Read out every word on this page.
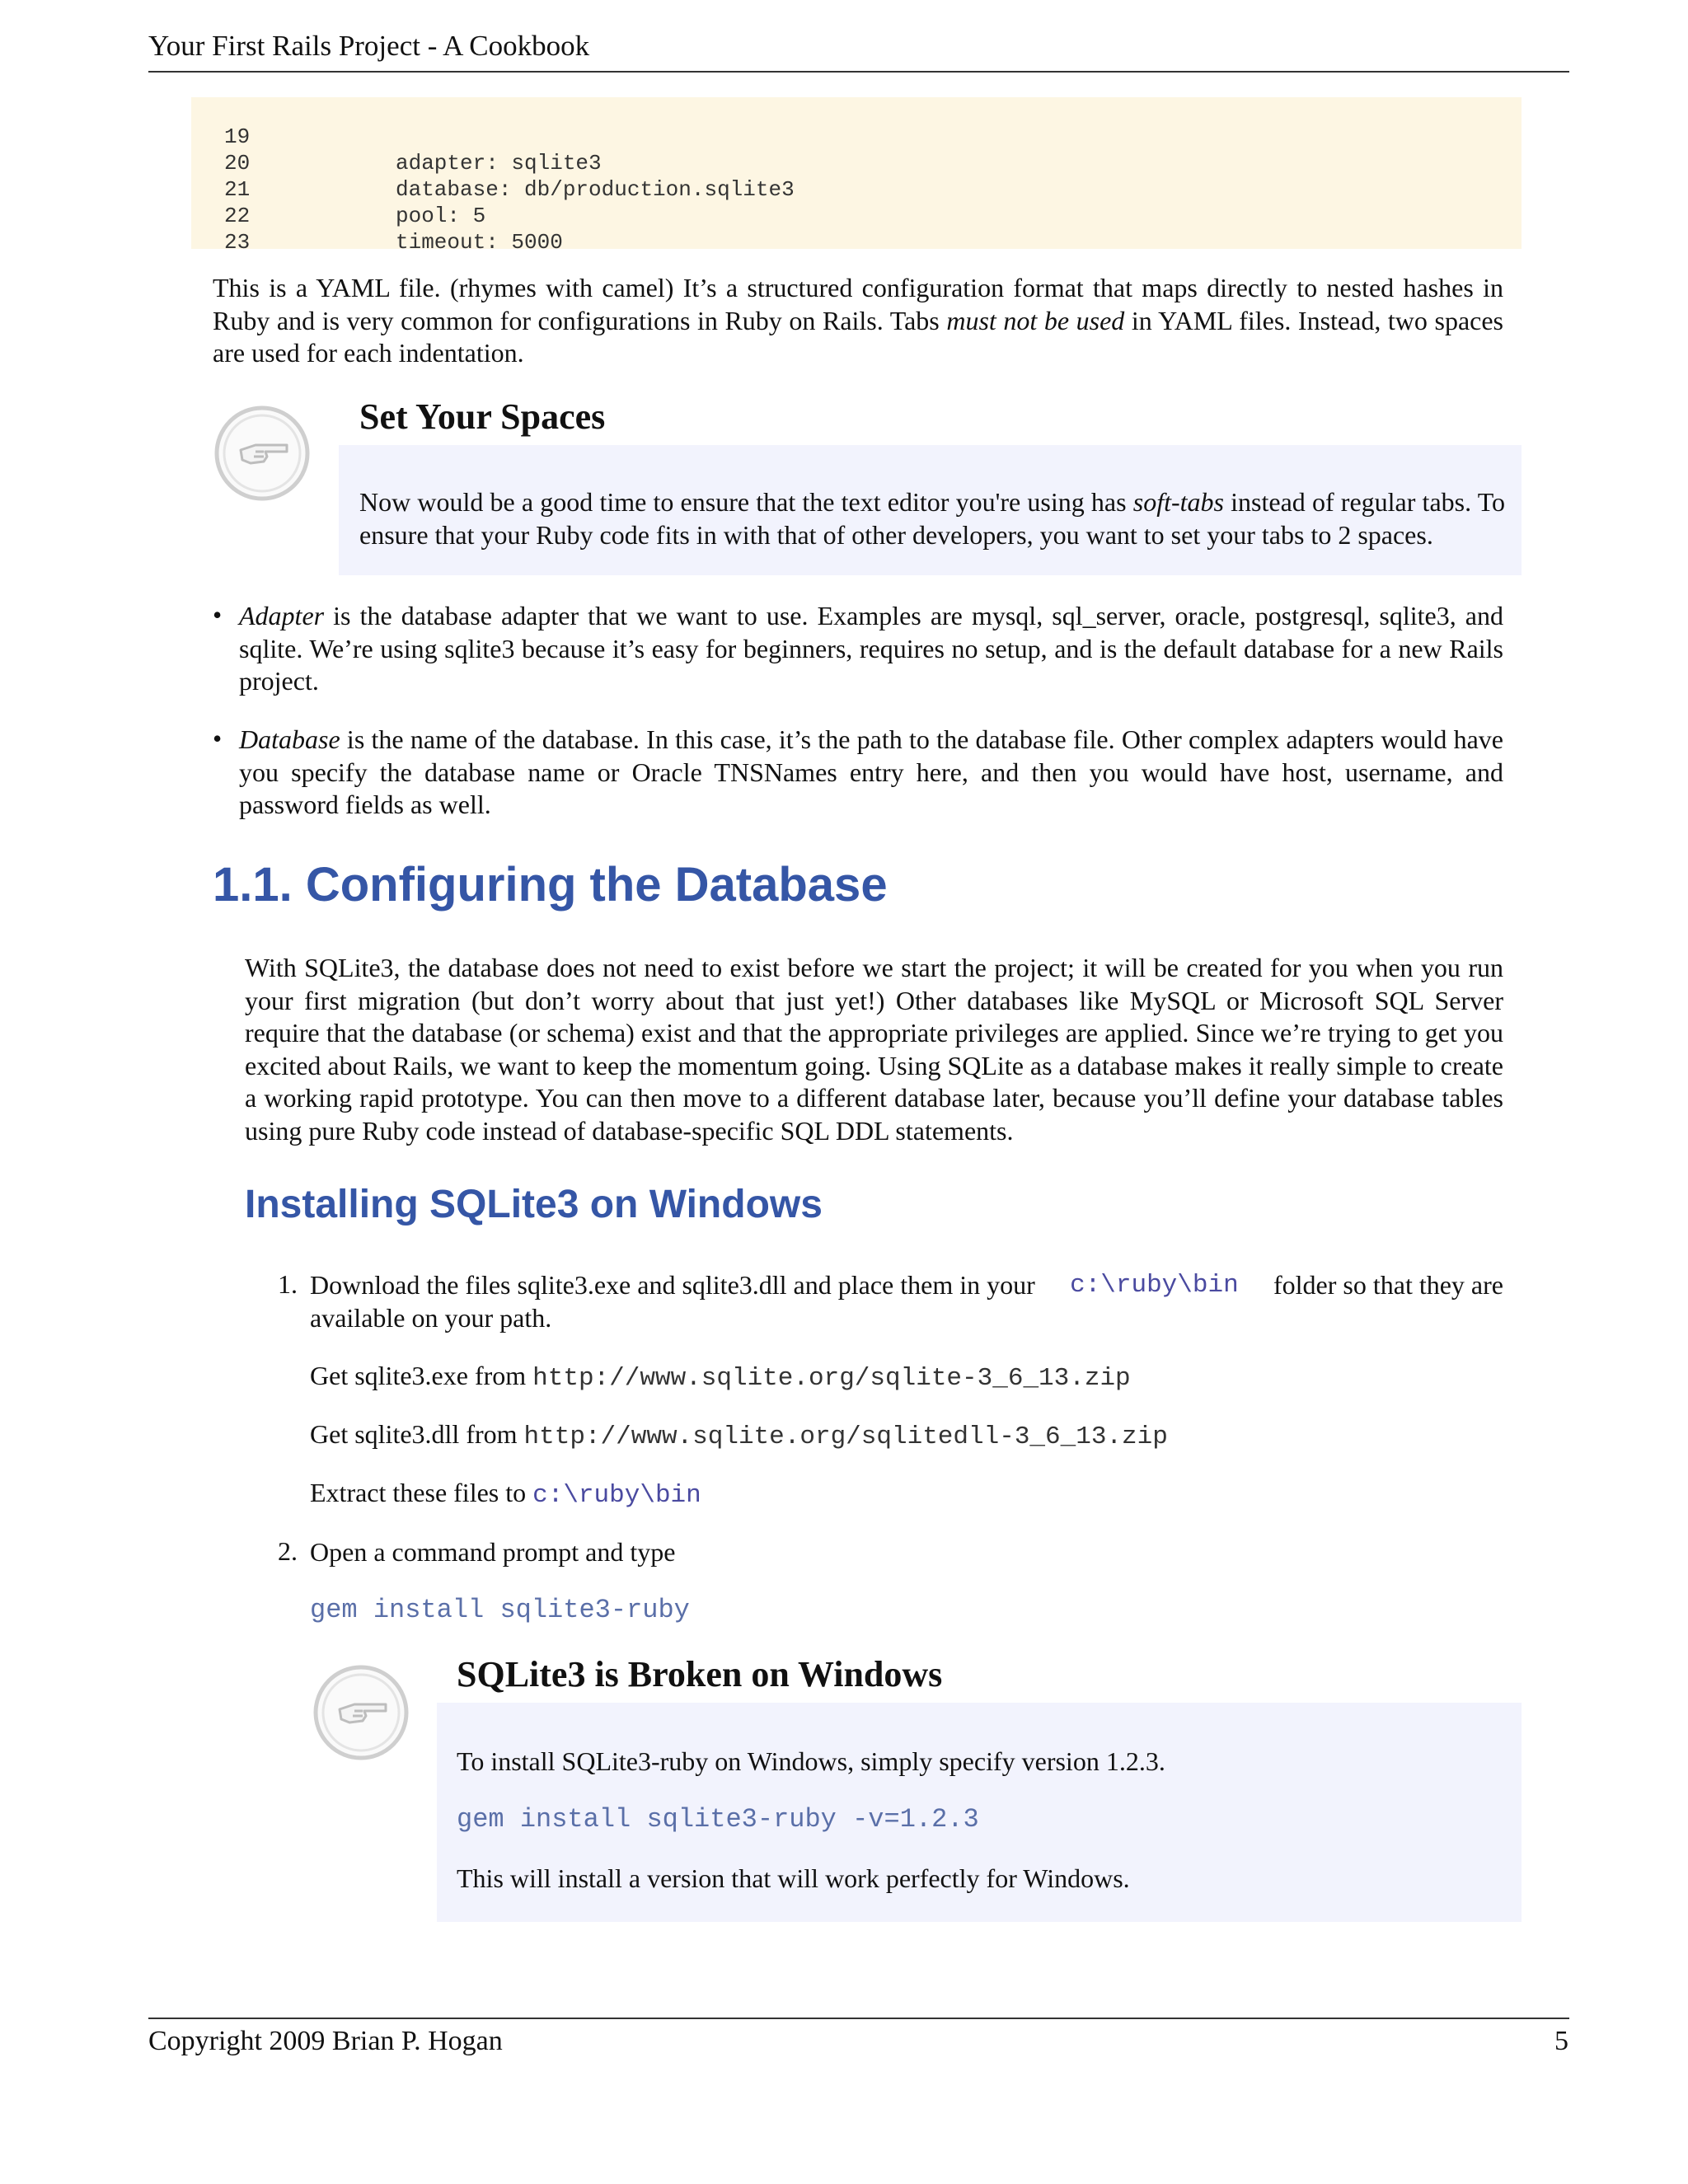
Your First Rails Project - A Cookbook

19

adapter: sqlite3

20

database: db/production.sqlite3

21

pool: 5

22

timeout: 5000

23

This is a YAML file. (rhymes with camel) It’s a structured configuration format that maps directly to nested hashes in Ruby and is very common for configurations in Ruby on Rails. Tabs must not be used in YAML files. Instead, two spaces are used for each indentation.
Set Your Spaces
Now would be a good time to ensure that the text editor you're using has soft-tabs instead of regular tabs. To ensure that your Ruby code fits in with that of other developers, you want to set your tabs to 2 spaces.
• Adapter is the database adapter that we want to use. Examples are mysql, sql_server, oracle, postgresql, sqlite3, and sqlite. We’re using sqlite3 because it’s easy for beginners, requires no setup, and is the default database for a new Rails project.
• Database is the name of the database. In this case, it’s the path to the database file. Other complex adapters would have you specify the database name or Oracle TNSNames entry here, and then you would have host, username, and password fields as well.
1.1. Configuring the Database
With SQLite3, the database does not need to exist before we start the project; it will be created for you when you run your first migration (but don’t worry about that just yet!) Other databases like MySQL or Microsoft SQL Server require that the database (or schema) exist and that the appropriate privileges are applied. Since we’re trying to get you excited about Rails, we want to keep the momentum going. Using SQLite as a database makes it really simple to create a working rapid prototype. You can then move to a different database later, because you’ll define your database tables using pure Ruby code instead of database-specific SQL DDL statements.
Installing SQLite3 on Windows
1. Download the files sqlite3.exe and sqlite3.dll and place them in your c:\ruby\bin folder so that they are
available on your path.
Get sqlite3.exe from http://www.sqlite.org/sqlite-3_6_13.zip
Get sqlite3.dll from http://www.sqlite.org/sqlitedll-3_6_13.zip
Extract these files to c:\ruby\bin
2. Open a command prompt and type
gem install sqlite3-ruby
SQLite3 is Broken on Windows
To install SQLite3-ruby on Windows, simply specify version 1.2.3.
gem install sqlite3-ruby -v=1.2.3
This will install a version that will work perfectly for Windows.
Copyright 2009 Brian P. Hogan	5
